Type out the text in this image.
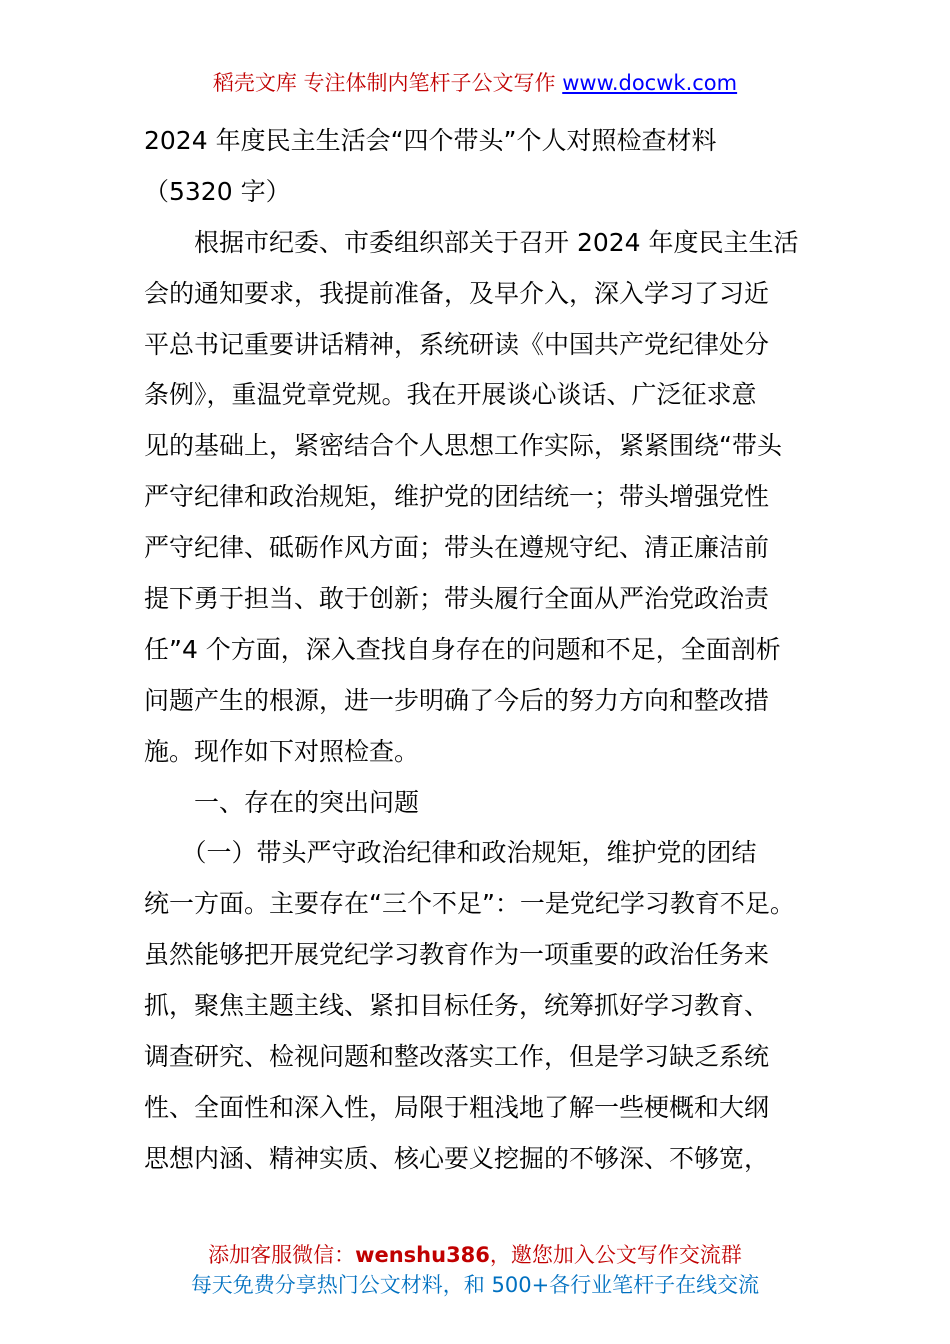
稻壳文库 专注体制内笔杆子公文写作 www.docwk.com
2024 年度民主生活会“四个带头”个人对照检查材料
（5320 字）
　　根据市纪委、市委组织部关于召开 2024 年度民主生活
会的通知要求，我提前准备，及早介入，深入学习了习近
平总书记重要讲话精神，系统研读《中国共产党纪律处分
条例》，重温党章党规。我在开展谈心谈话、广泛征求意
见的基础上，紧密结合个人思想工作实际，紧紧围绕“带头
严守纪律和政治规矩，维护党的团结统一；带头增强党性
严守纪律、砥砺作风方面；带头在遵规守纪、清正廉洁前
提下勇于担当、敢于创新；带头履行全面从严治党政治责
任”4 个方面，深入查找自身存在的问题和不足，全面剖析
问题产生的根源，进一步明确了今后的努力方向和整改措
施。现作如下对照检查。
　　一、存在的突出问题
　　（一）带头严守政治纪律和政治规矩，维护党的团结
统一方面。主要存在“三个不足”：一是党纪学习教育不足。
虽然能够把开展党纪学习教育作为一项重要的政治任务来
抓，聚焦主题主线、紧扣目标任务，统筹抓好学习教育、
调查研究、检视问题和整改落实工作，但是学习缺乏系统
性、全面性和深入性，局限于粗浅地了解一些梗概和大纲
思想内涵、精神实质、核心要义挖掘的不够深、不够宽，
添加客服微信：wenshu386，邀您加入公文写作交流群
每天免费分享热门公文材料，和 500+各行业笔杆子在线交流
